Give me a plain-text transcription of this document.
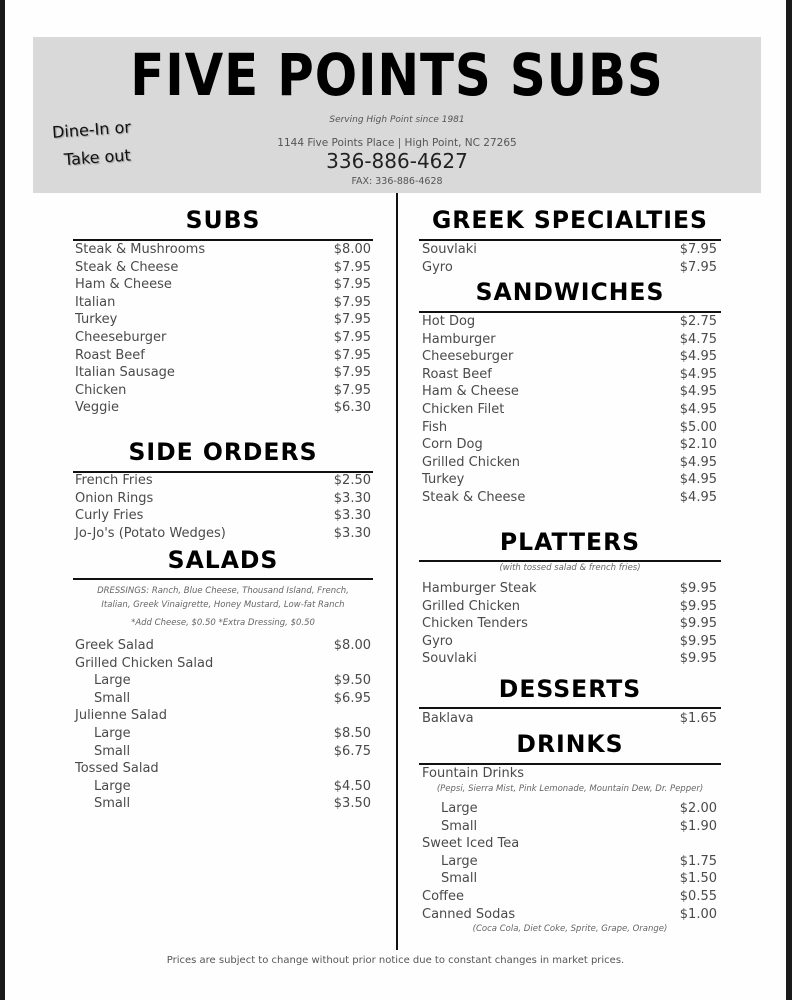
FIVE POINTS SUBS
Dine-In or
Take out
Serving High Point since 1981
1144 Five Points Place | High Point, NC 27265
336-886-4627
FAX: 336-886-4628
SUBS
Steak & Mushrooms	$8.00
Steak & Cheese	$7.95
Ham & Cheese	$7.95
Italian	$7.95
Turkey	$7.95
Cheeseburger	$7.95
Roast Beef	$7.95
Italian Sausage	$7.95
Chicken	$7.95
Veggie	$6.30
SIDE ORDERS
French Fries	$2.50
Onion Rings	$3.30
Curly Fries	$3.30
Jo-Jo's (Potato Wedges)	$3.30
SALADS
DRESSINGS: Ranch, Blue Cheese, Thousand Island, French,
Italian, Greek Vinaigrette, Honey Mustard, Low-fat Ranch
*Add Cheese, $0.50 *Extra Dressing, $0.50
Greek Salad	$8.00
Grilled Chicken Salad
Large	$9.50
Small	$6.95
Julienne Salad
Large	$8.50
Small	$6.75
Tossed Salad
Large	$4.50
Small	$3.50
GREEK SPECIALTIES
Souvlaki	$7.95
Gyro	$7.95
SANDWICHES
Hot Dog	$2.75
Hamburger	$4.75
Cheeseburger	$4.95
Roast Beef	$4.95
Ham & Cheese	$4.95
Chicken Filet	$4.95
Fish	$5.00
Corn Dog	$2.10
Grilled Chicken	$4.95
Turkey	$4.95
Steak & Cheese	$4.95
PLATTERS
(with tossed salad & french fries)
Hamburger Steak	$9.95
Grilled Chicken	$9.95
Chicken Tenders	$9.95
Gyro	$9.95
Souvlaki	$9.95
DESSERTS
Baklava	$1.65
DRINKS
Fountain Drinks
(Pepsi, Sierra Mist, Pink Lemonade, Mountain Dew, Dr. Pepper)
Large	$2.00
Small	$1.90
Sweet Iced Tea
Large	$1.75
Small	$1.50
Coffee	$0.55
Canned Sodas	$1.00
(Coca Cola, Diet Coke, Sprite, Grape, Orange)
Prices are subject to change without prior notice due to constant changes in market prices.
